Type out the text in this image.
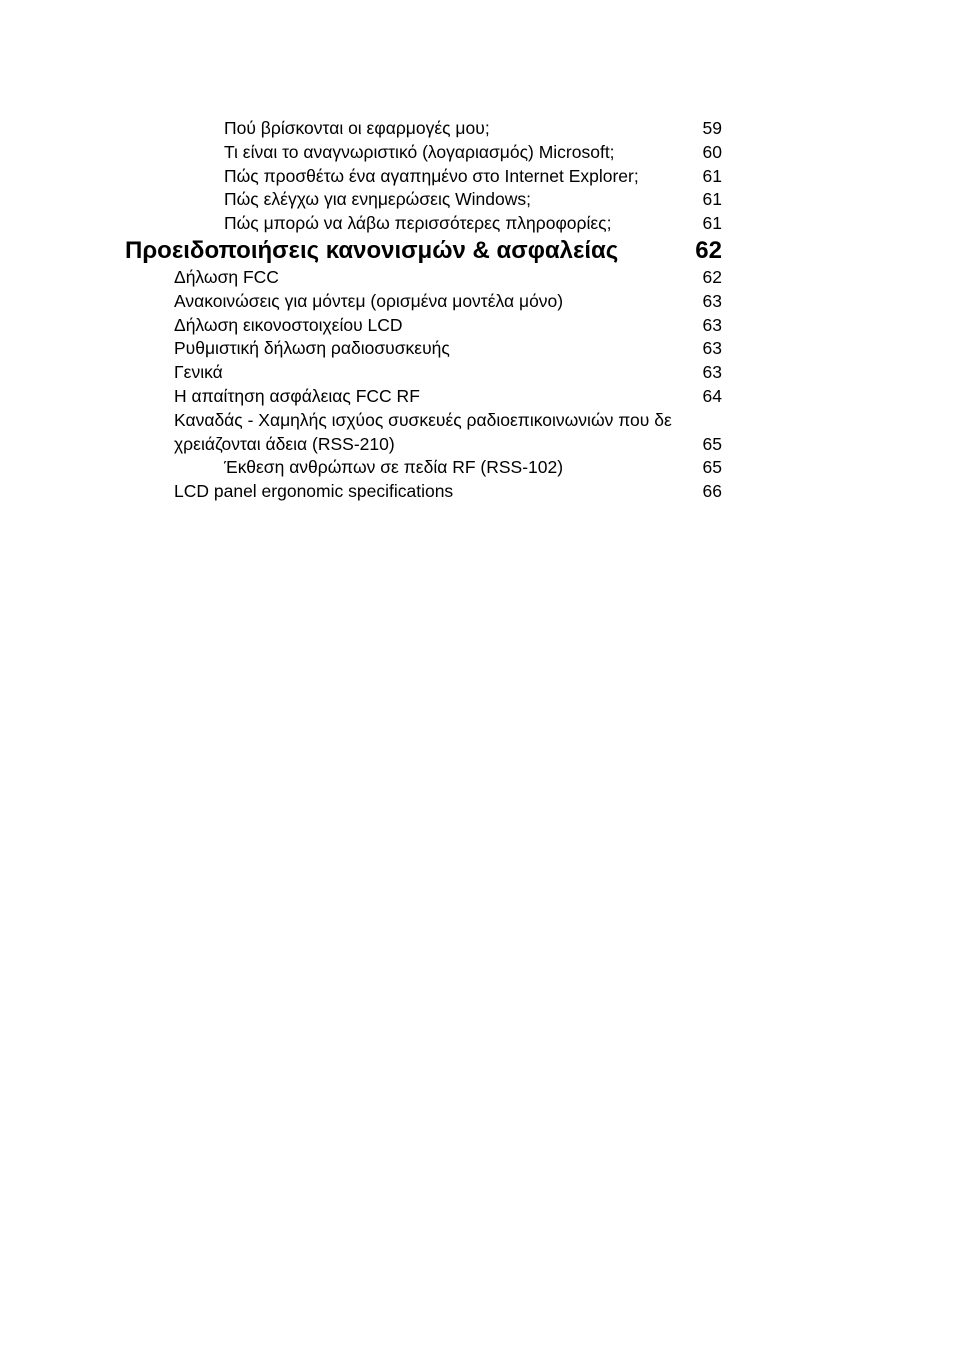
Πού βρίσκονται οι εφαρμογές μου;	59
Τι είναι το αναγνωριστικό (λογαριασμός) Microsoft;	60
Πώς προσθέτω ένα αγαπημένο στο Internet Explorer;	61
Πώς ελέγχω για ενημερώσεις Windows;	61
Πώς μπορώ να λάβω περισσότερες πληροφορίες;	61
Προειδοποιήσεις κανονισμών & ασφαλείας	62
Δήλωση FCC	62
Ανακοινώσεις για μόντεμ (ορισμένα μοντέλα μόνο)	63
Δήλωση εικονοστοιχείου LCD	63
Ρυθμιστική δήλωση ραδιοσυσκευής	63
Γενικά	63
Η απαίτηση ασφάλειας FCC RF	64
Καναδάς - Χαμηλής ισχύος συσκευές ραδιοεπικοινωνιών που δε χρειάζονται άδεια (RSS-210)	65
Έκθεση ανθρώπων σε πεδία RF (RSS-102)	65
LCD panel ergonomic specifications	66
